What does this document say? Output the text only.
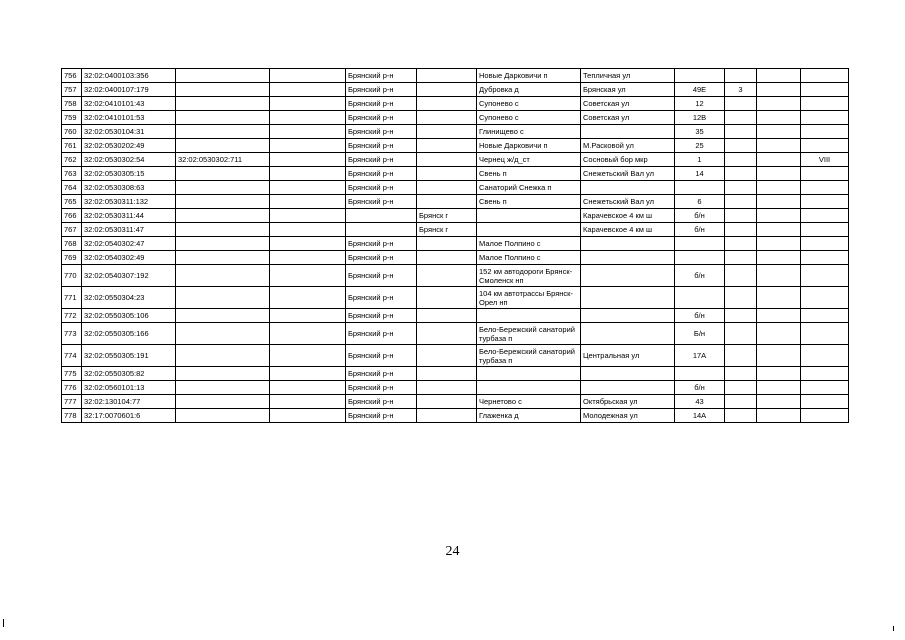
756	32:02:0400103:356			Брянский р-н		Новые Дарковичи п	Тепличная ул				
757	32:02:0400107:179			Брянский р-н		Дубровка д	Брянская ул	49Е	3		
758	32:02:0410101:43			Брянский р-н		Супонево с	Советская ул	12			
759	32:02:0410101:53			Брянский р-н		Супонево с	Советская ул	12В			
760	32:02:0530104:31			Брянский р-н		Глинищево с		35			
761	32:02:0530202:49			Брянский р-н		Новые Дарковичи п	М.Расковой ул	25			
762	32:02:0530302:54	32:02:0530302:711		Брянский р-н		Чернец ж/д_ст	Сосновый бор мкр	1			VIII
763	32:02:0530305:15			Брянский р-н		Свень п	Снежетьский Вал ул	14			
764	32:02:0530308:63			Брянский р-н		Санаторий Снежка п					
765	32:02:0530311:132			Брянский р-н		Свень п	Снежетьский Вал ул	6			
766	32:02:0530311:44				Брянск г		Карачевское 4 км ш	б/н			
767	32:02:0530311:47				Брянск г		Карачевское 4 км ш	б/н			
768	32:02:0540302:47			Брянский р-н		Малое Полпино с					
769	32:02:0540302:49			Брянский р-н		Малое Полпино с					
770	32:02:0540307:192			Брянский р-н		152 км автодороги Брянск-Смоленск нп		б/н			
771	32:02:0550304:23			Брянский р-н		104 км автотрассы Брянск-Орел нп					
772	32:02:0550305:106			Брянский р-н				б/н			
773	32:02:0550305:166			Брянский р-н		Бело-Бережский санаторий турбаза п		Б/н			
774	32:02:0550305:191			Брянский р-н		Бело-Бережский санаторий турбаза п	Центральная ул	17А			
775	32:02:0550305:82			Брянский р-н							
776	32:02:0560101:13			Брянский р-н				б/н			
777	32:02:130104:77			Брянский р-н		Чернетово с	Октябрьская ул	43			
778	32:17:0070601:6			Брянский р-н		Глаженка д	Молодежная ул	14А			
24
